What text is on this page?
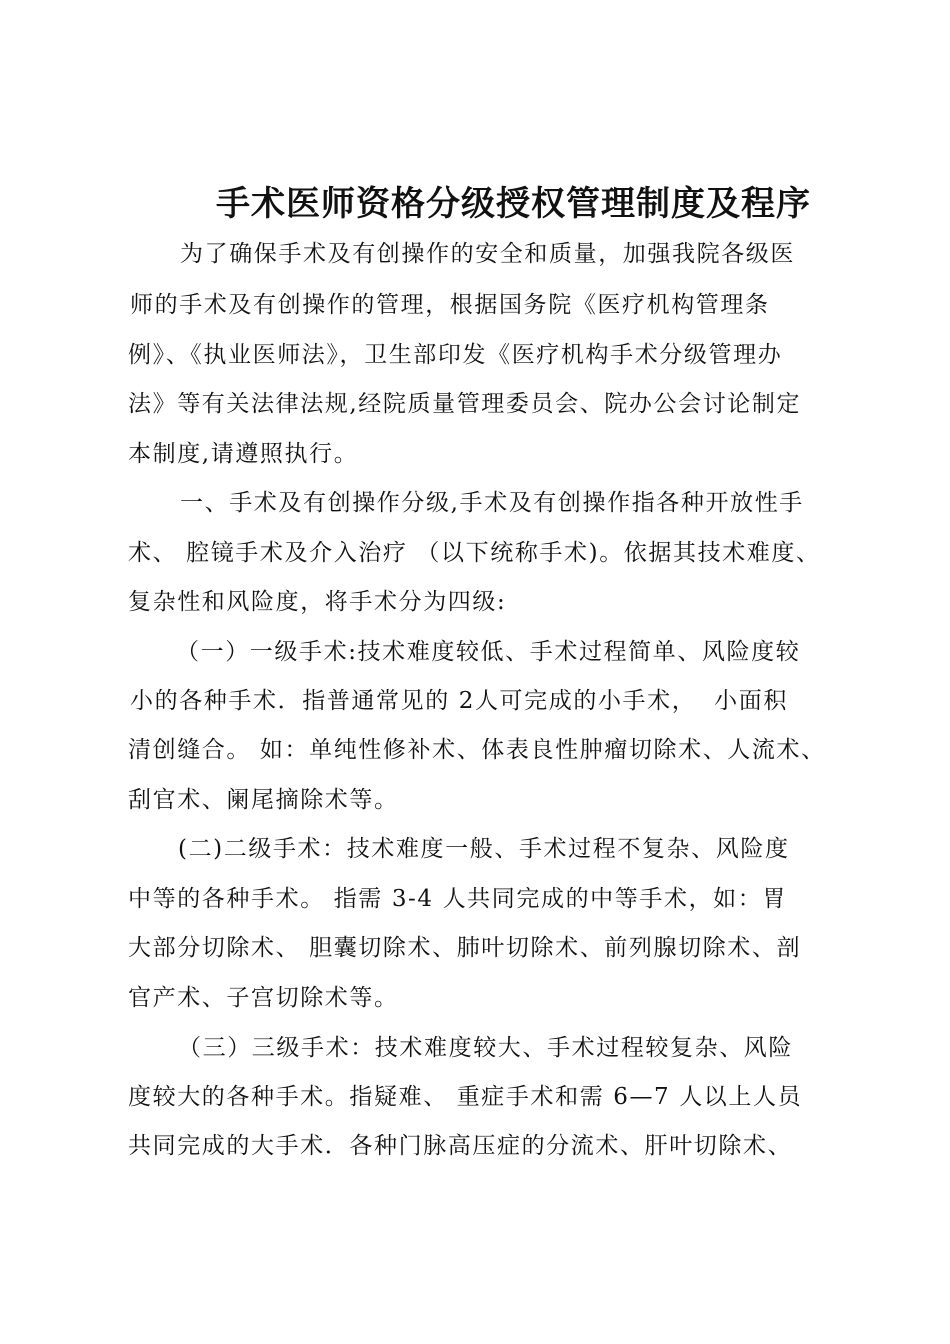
手术医师资格分级授权管理制度及程序
为了确保手术及有创操作的安全和质量，加强我院各级医
师的手术及有创操作的管理，根据国务院《医疗机构管理条
例》、《执业医师法》，卫生部印发《医疗机构手术分级管理办
法》等有关法律法规,经院质量管理委员会、院办公会讨论制定
本制度,请遵照执行。
一、手术及有创操作分级,手术及有创操作指各种开放性手
术、 腔镜手术及介入治疗 （以下统称手术)。依据其技术难度、
复杂性和风险度，将手术分为四级:
（一）一级手术:技术难度较低、手术过程简单、风险度较
小的各种手术．指普通常见的 2人可完成的小手术，  小面积
清创缝合。 如：单纯性修补术、体表良性肿瘤切除术、人流术、
刮官术、阑尾摘除术等。
(二)二级手术：技术难度一般、手术过程不复杂、风险度
中等的各种手术。 指需 3-4 人共同完成的中等手术，如：胃
大部分切除术、 胆囊切除术、肺叶切除术、前列腺切除术、剖
官产术、子宫切除术等。
（三）三级手术：技术难度较大、手术过程较复杂、风险
度较大的各种手术。指疑难、 重症手术和需 6—7 人以上人员
共同完成的大手术．各种门脉高压症的分流术、肝叶切除术、
